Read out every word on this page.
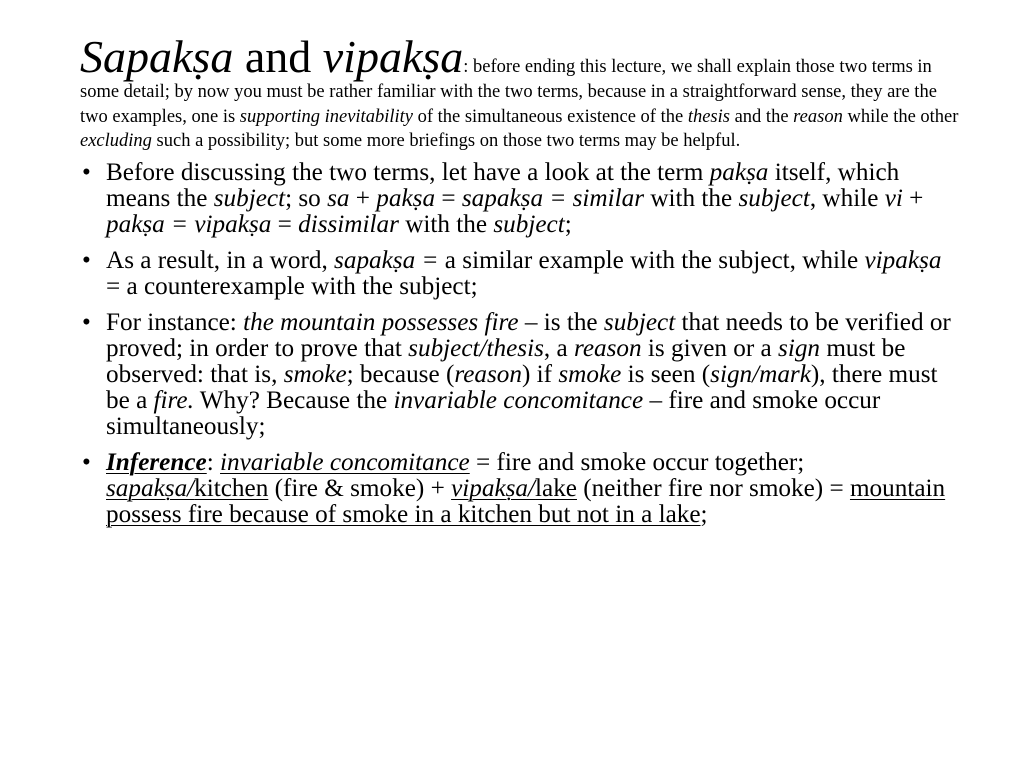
Sapakṣa and vipakṣa: before ending this lecture, we shall explain those two terms in some detail; by now you must be rather familiar with the two terms, because in a straightforward sense, they are the two examples, one is supporting inevitability of the simultaneous existence of the thesis and the reason while the other excluding such a possibility; but some more briefings on those two terms may be helpful.

• Before discussing the two terms, let have a look at the term pakṣa itself, which means the subject; so sa + pakṣa = sapakṣa = similar with the subject, while vi + pakṣa = vipakṣa = dissimilar with the subject;
• As a result, in a word, sapakṣa = a similar example with the subject, while vipakṣa = a counterexample with the subject;
• For instance: the mountain possesses fire – is the subject that needs to be verified or proved; in order to prove that subject/thesis, a reason is given or a sign must be observed: that is, smoke; because (reason) if smoke is seen (sign/mark), there must be a fire. Why? Because the invariable concomitance – fire and smoke occur simultaneously;
• Inference: invariable concomitance = fire and smoke occur together; sapakṣa/kitchen (fire & smoke) + vipakṣa/lake (neither fire nor smoke) = mountain possess fire because of smoke in a kitchen but not in a lake;
